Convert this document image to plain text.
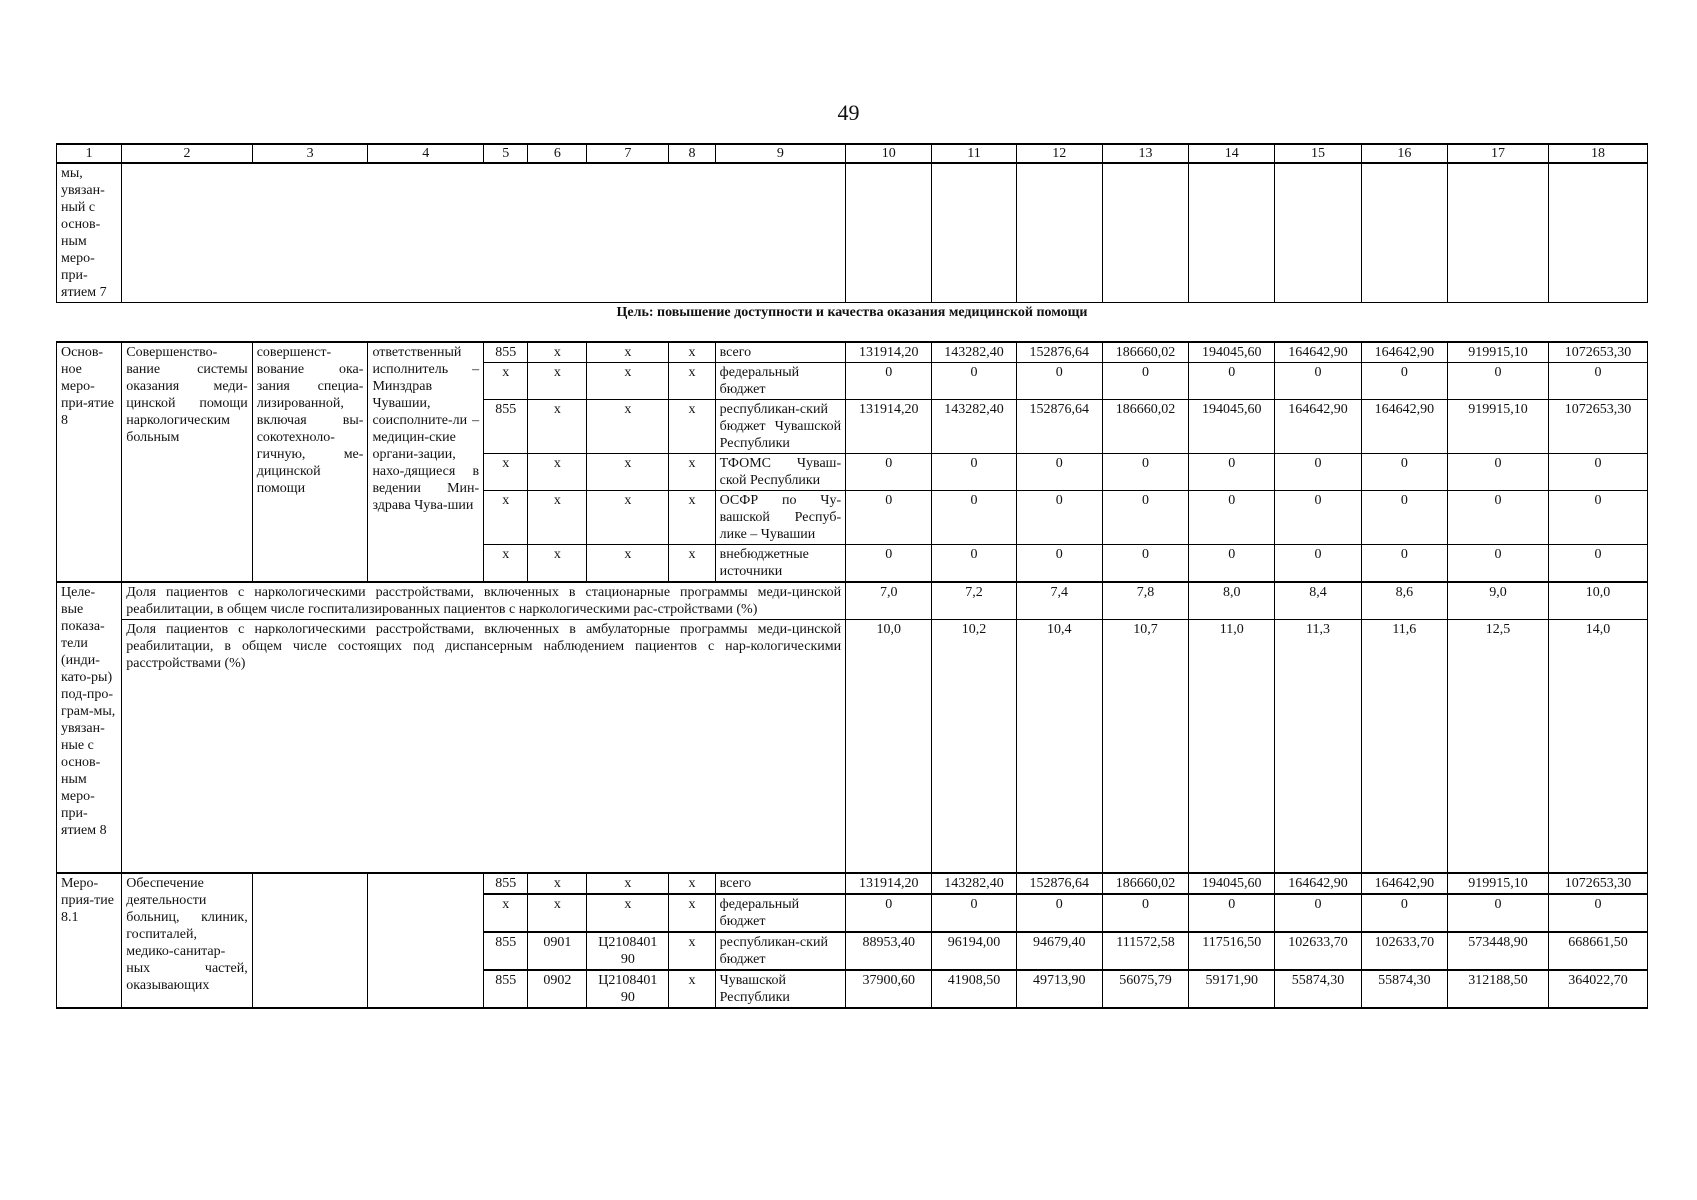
49
1	2	3	4	5	6	7	8	9	10	11	12	13	14	15	16	17	18
мы, увязан-ный с основ-ным меро-при-ятием 7																	
Цель: повышение доступности и качества оказания медицинской помощи																	
Основ-ное меро-при-ятие 8	Совершенство-вание системы оказания меди-цинской помощи наркологическим больным	совершенст-вование ока-зания специа-лизированной, включая вы-сокотехноло-гичную, ме-дицинской помощи	ответственный исполнитель – Минздрав Чувашии, соисполните-ли – медицин-ские органи-зации, нахо-дящиеся в ведении Мин-здрава Чува-шии	855	x	x	x	всего	131914,20	143282,40	152876,64	186660,02	194045,60	164642,90	164642,90	919915,10	1072653,30
				x	x	x	x	федеральный бюджет	0	0	0	0	0	0	0	0	0
				855	x	x	x	республикан-ский бюджет Чувашской Республики	131914,20	143282,40	152876,64	186660,02	194045,60	164642,90	164642,90	919915,10	1072653,30
				x	x	x	x	ТФОМС Чуваш-ской Республики	0	0	0	0	0	0	0	0	0
				x	x	x	x	ОСФР по Чу-вашской Респуб-лике – Чувашии	0	0	0	0	0	0	0	0	0
				x	x	x	x	внебюджетные источники	0	0	0	0	0	0	0	0	0
Целе-вые показа-тели (инди-като-ры) под-про-грам-мы, увязан-ные с основ-ным меро-при-ятием 8	Доля пациентов с наркологическими расстройствами, включенных в стационарные программы меди-цинской реабилитации, в общем числе госпитализированных пациентов с наркологическими рас-стройствами (%)								7,0	7,2	7,4	7,8	8,0	8,4	8,6	9,0	10,0
	Доля пациентов с наркологическими расстройствами, включенных в амбулаторные программы меди-цинской реабилитации, в общем числе состоящих под диспансерным наблюдением пациентов с нар-кологическими расстройствами (%)								10,0	10,2	10,4	10,7	11,0	11,3	11,6	12,5	14,0
Меро-прия-тие 8.1	Обеспечение деятельности больниц, клиник, госпиталей, медико-санитар-ных частей, оказывающих			855	x	x	x	всего	131914,20	143282,40	152876,64	186660,02	194045,60	164642,90	164642,90	919915,10	1072653,30
				x	x	x	x	федеральный бюджет	0	0	0	0	0	0	0	0	0
				855	0901	Ц2108401 90	x	республикан-ский бюджет	88953,40	96194,00	94679,40	111572,58	117516,50	102633,70	102633,70	573448,90	668661,50
				855	0902	Ц2108401 90	x	Чувашской Республики	37900,60	41908,50	49713,90	56075,79	59171,90	55874,30	55874,30	312188,50	364022,70
